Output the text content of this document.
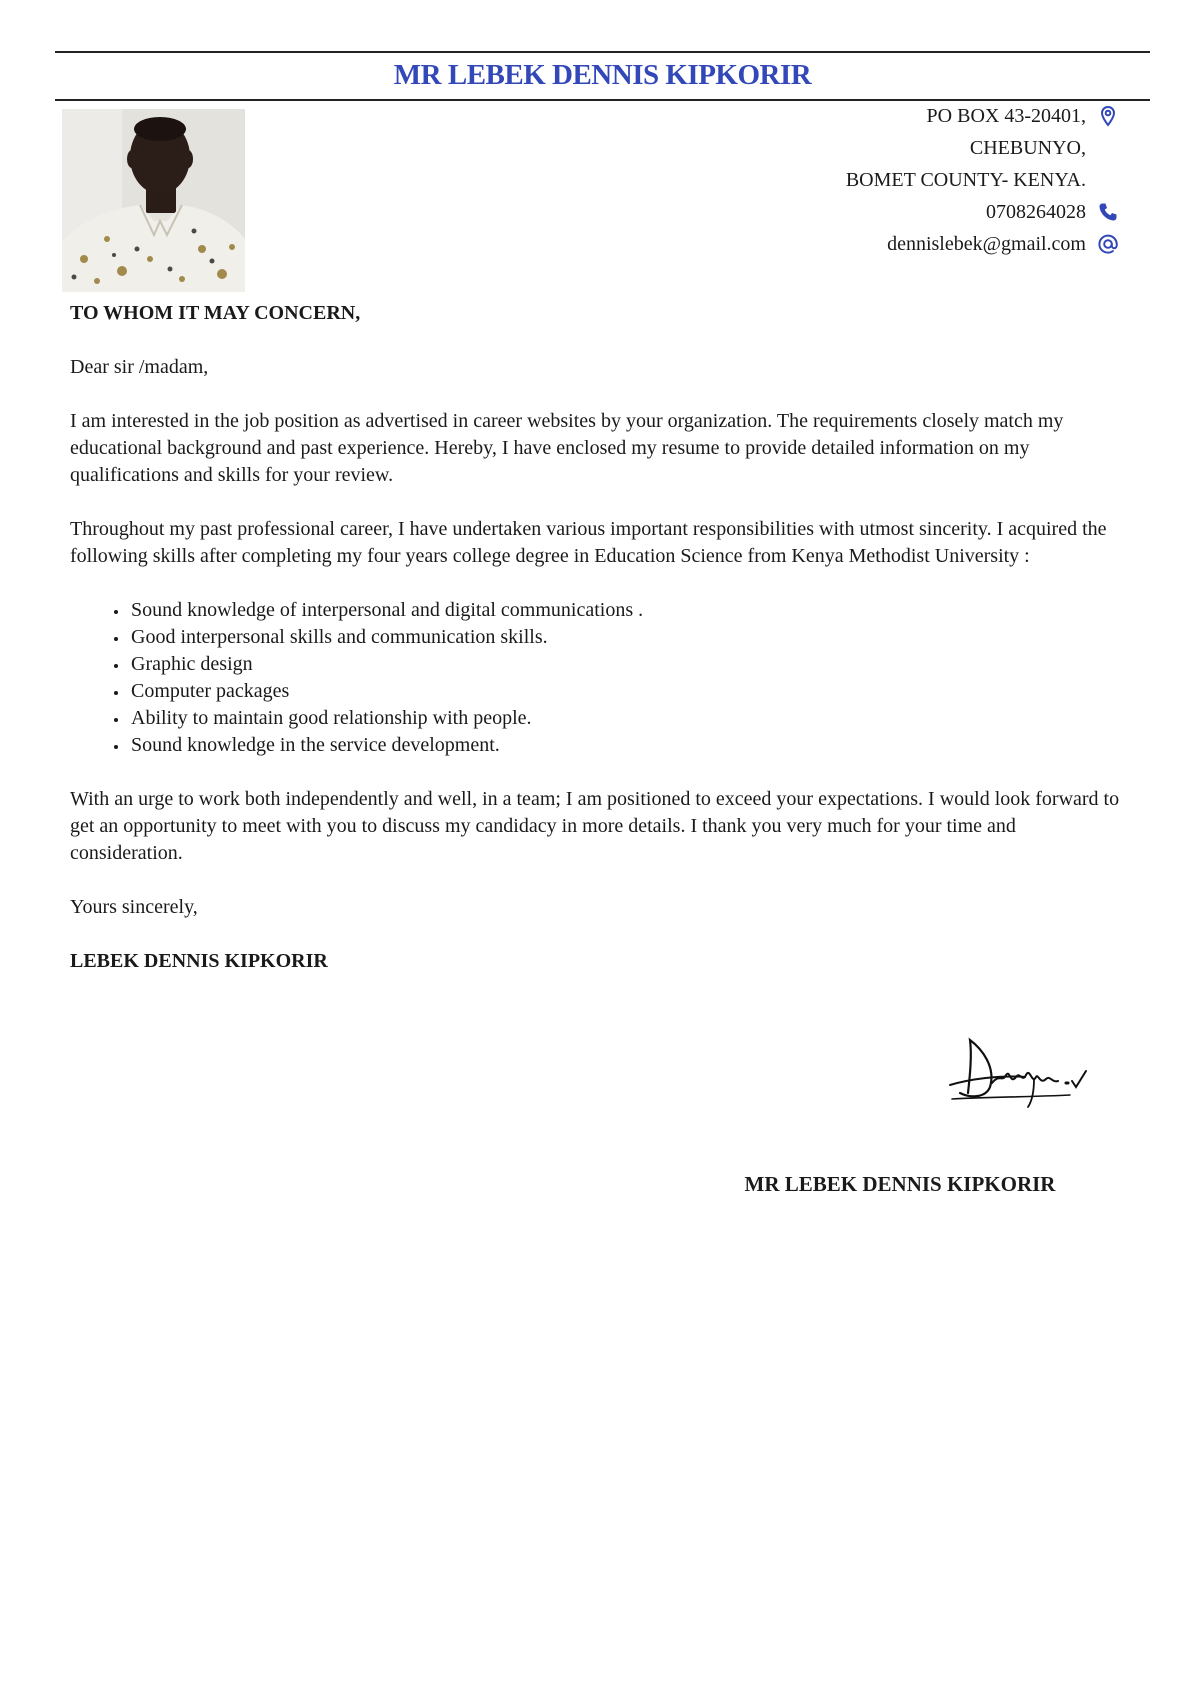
MR LEBEK DENNIS KIPKORIR
PO BOX 43-20401,
CHEBUNYO,
BOMET COUNTY- KENYA.
0708264028
dennislebek@gmail.com

TO WHOM IT MAY CONCERN,

Dear sir /madam,

I am interested in the job position as advertised in career websites by your organization. The requirements closely match my educational background and past experience. Hereby, I have enclosed my resume to provide detailed information on my qualifications and skills for your review.

Throughout my past professional career, I have undertaken various important responsibilities with utmost sincerity. I acquired the following skills after completing my four years college degree in Education Science from Kenya Methodist University :

Sound knowledge of interpersonal and digital communications .
Good interpersonal skills and communication skills.
Graphic design
Computer packages
Ability to maintain good relationship with people.
Sound knowledge in the service development.

With an urge to work both independently and well, in a team; I am positioned to exceed your expectations. I would look forward to get an opportunity to meet with you to discuss my candidacy in more details. I thank you very much for your time and consideration.

Yours sincerely,

LEBEK DENNIS KIPKORIR

MR LEBEK DENNIS KIPKORIR
